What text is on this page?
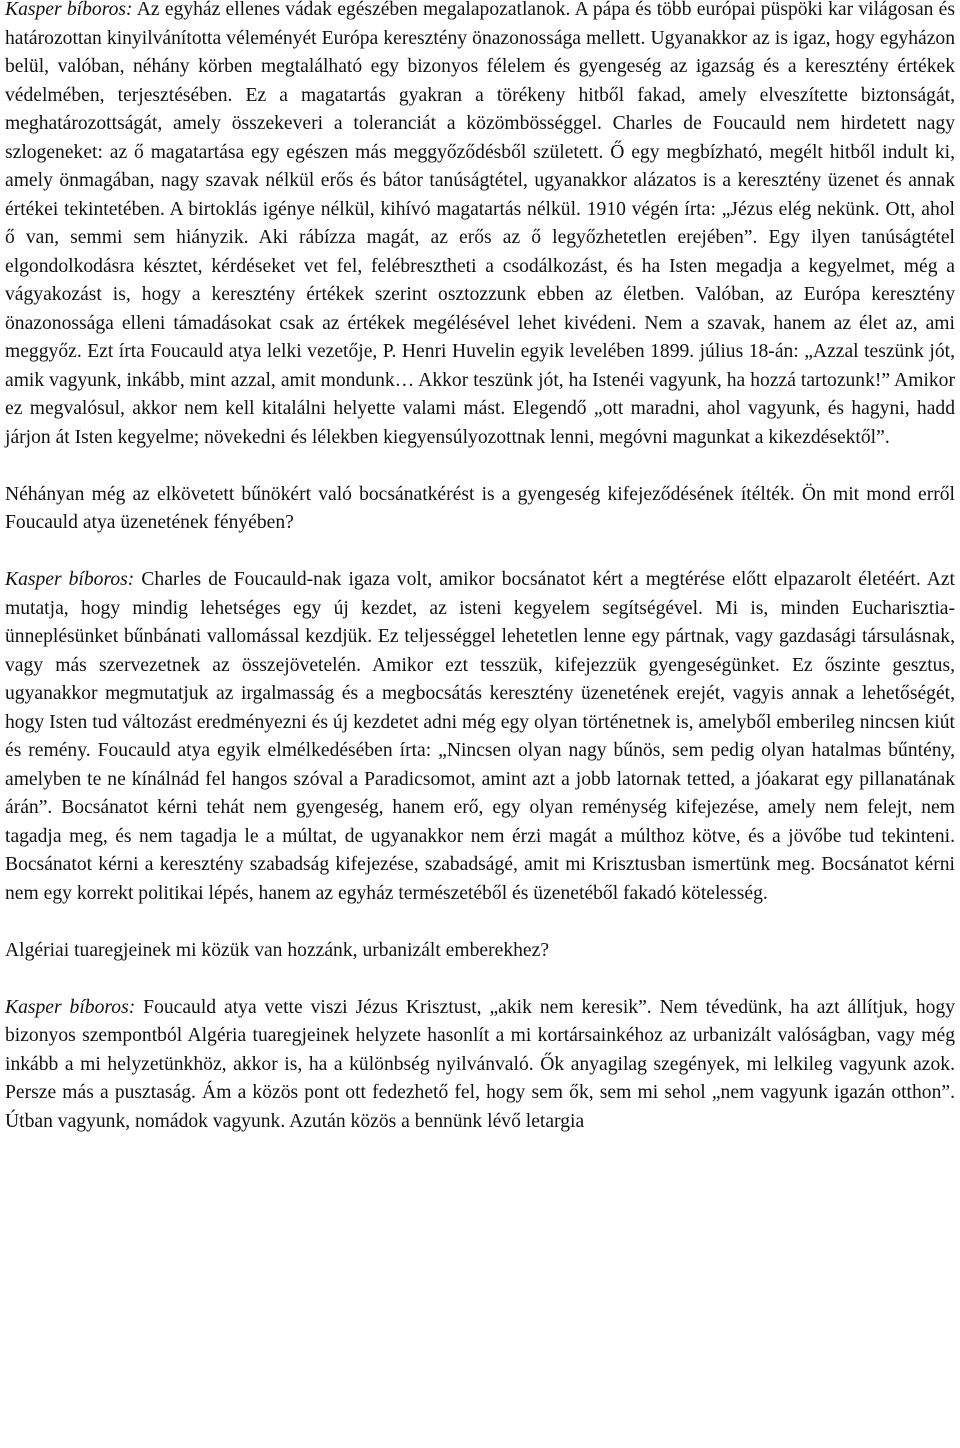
Kasper bíboros: Az egyház ellenes vádak egészében megalapozatlanok. A pápa és több európai püspöki kar világosan és határozottan kinyilvánította véleményét Európa keresztény önazonossága mellett. Ugyanakkor az is igaz, hogy egyházon belül, valóban, néhány körben megtalálható egy bizonyos félelem és gyengeség az igazság és a keresztény értékek védelmében, terjesztésében. Ez a magatartás gyakran a törékeny hitből fakad, amely elveszítette biztonságát, meghatározottságát, amely összekeveri a toleranciát a közömbösséggel. Charles de Foucauld nem hirdetett nagy szlogeneket: az ő magatartása egy egészen más meggyőződésből született. Ő egy megbízható, megélt hitből indult ki, amely önmagában, nagy szavak nélkül erős és bátor tanúságtétel, ugyanakkor alázatos is a keresztény üzenet és annak értékei tekintetében. A birtoklás igénye nélkül, kihívó magatartás nélkül. 1910 végén írta: „Jézus elég nekünk. Ott, ahol ő van, semmi sem hiányzik. Aki rábízza magát, az erős az ő legyőzhetetlen erejében”. Egy ilyen tanúságtétel elgondolkodásra késztet, kérdéseket vet fel, felébresztheti a csodálkozást, és ha Isten megadja a kegyelmet, még a vágyakozást is, hogy a keresztény értékek szerint osztozzunk ebben az életben. Valóban, az Európa keresztény önazonossága elleni támadásokat csak az értékek megélésével lehet kivédeni. Nem a szavak, hanem az élet az, ami meggyőz. Ezt írta Foucauld atya lelki vezetője, P. Henri Huvelin egyik levelében 1899. július 18-án: „Azzal teszünk jót, amik vagyunk, inkább, mint azzal, amit mondunk… Akkor teszünk jót, ha Istenéi vagyunk, ha hozzá tartozunk!” Amikor ez megvalósul, akkor nem kell kitalálni helyette valami mást. Elegendő „ott maradni, ahol vagyunk, és hagyni, hadd járjon át Isten kegyelme; növekedni és lélekben kiegyensúlyozottnak lenni, megóvni magunkat a kikezdésektől”.

Néhányan még az elkövetett bűnökért való bocsánatkérést is a gyengeség kifejeződésének ítélték. Ön mit mond erről Foucauld atya üzenetének fényében?

Kasper bíboros: Charles de Foucauld-nak igaza volt, amikor bocsánatot kért a megtérése előtt elpazarolt életéért. Azt mutatja, hogy mindig lehetséges egy új kezdet, az isteni kegyelem segítségével. Mi is, minden Eucharisztia-ünneplésünket bűnbánati vallomással kezdjük. Ez teljességgel lehetetlen lenne egy pártnak, vagy gazdasági társulásnak, vagy más szervezetnek az összejövetelén. Amikor ezt tesszük, kifejezzük gyengeségünket. Ez őszinte gesztus, ugyanakkor megmutatjuk az irgalmasság és a megbocsátás keresztény üzenetének erejét, vagyis annak a lehetőségét, hogy Isten tud változást eredményezni és új kezdetet adni még egy olyan történetnek is, amelyből emberileg nincsen kiút és remény. Foucauld atya egyik elmélkedésében írta: „Nincsen olyan nagy bűnös, sem pedig olyan hatalmas bűntény, amelyben te ne kínálnád fel hangos szóval a Paradicsomot, amint azt a jobb latornak tetted, a jóakarat egy pillanatának árán”. Bocsánatot kérni tehát nem gyengeség, hanem erő, egy olyan reménység kifejezése, amely nem felejt, nem tagadja meg, és nem tagadja le a múltat, de ugyanakkor nem érzi magát a múlthoz kötve, és a jövőbe tud tekinteni. Bocsánatot kérni a keresztény szabadság kifejezése, szabadságé, amit mi Krisztusban ismertünk meg. Bocsánatot kérni nem egy korrekt politikai lépés, hanem az egyház természetéből és üzenetéből fakadó kötelesség.

Algériai tuaregjeinek mi közük van hozzánk, urbanizált emberekhez?

Kasper bíboros: Foucauld atya vette viszi Jézus Krisztust, „akik nem keresik”. Nem tévedünk, ha azt állítjuk, hogy bizonyos szempontból Algéria tuaregjeinek helyzete hasonlít a mi kortársainkéhoz az urbanizált valóságban, vagy még inkább a mi helyzetünkhöz, akkor is, ha a különbség nyilvánvaló. Ők anyagilag szegények, mi lelkileg vagyunk azok. Persze más a pusztaság. Ám a közös pont ott fedezhető fel, hogy sem ők, sem mi sehol „nem vagyunk igazán otthon”. Útban vagyunk, nomádok vagyunk. Azután közös a bennünk lévő letargia
